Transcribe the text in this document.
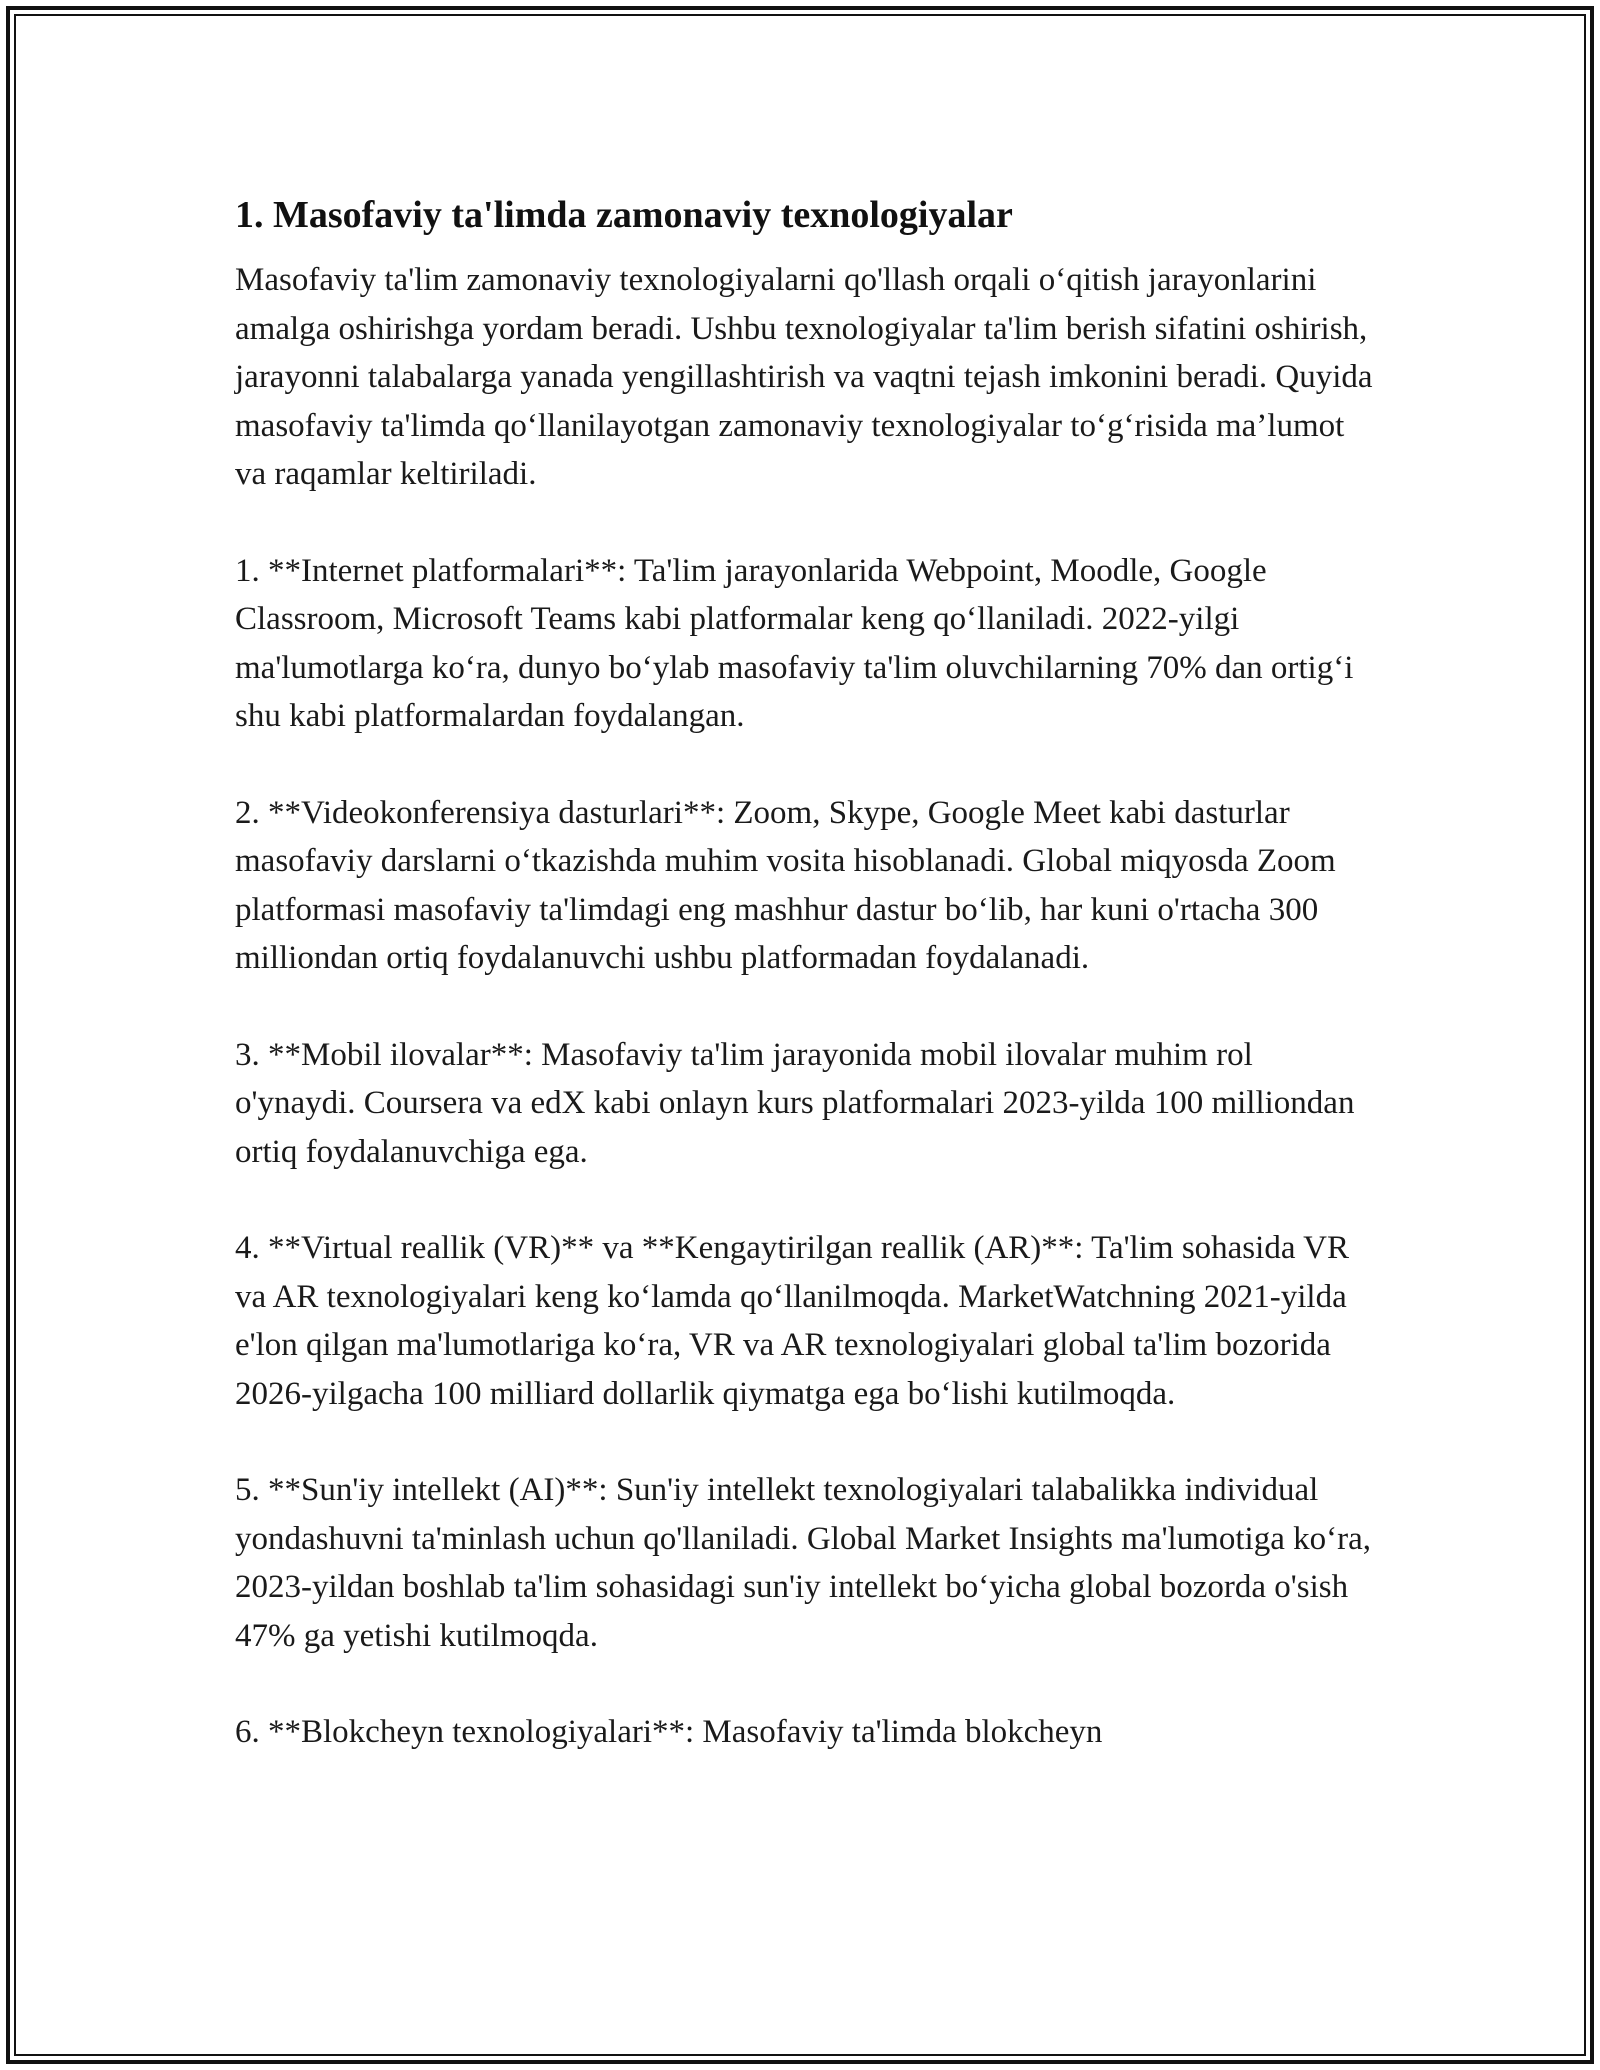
1. Masofaviy ta'limda zamonaviy texnologiyalar

Masofaviy ta'lim zamonaviy texnologiyalarni qo'llash orqali o‘qitish jarayonlarini amalga oshirishga yordam beradi. Ushbu texnologiyalar ta'lim berish sifatini oshirish, jarayonni talabalarga yanada yengillashtirish va vaqtni tejash imkonini beradi. Quyida masofaviy ta'limda qo‘llanilayotgan zamonaviy texnologiyalar to‘g‘risida ma’lumot va raqamlar keltiriladi.

1. **Internet platformalari**: Ta'lim jarayonlarida Webpoint, Moodle, Google Classroom, Microsoft Teams kabi platformalar keng qo‘llaniladi. 2022-yilgi ma'lumotlarga ko‘ra, dunyo bo‘ylab masofaviy ta'lim oluvchilarning 70% dan ortig‘i shu kabi platformalardan foydalangan.

2. **Videokonferensiya dasturlari**: Zoom, Skype, Google Meet kabi dasturlar masofaviy darslarni o‘tkazishda muhim vosita hisoblanadi. Global miqyosda Zoom platformasi masofaviy ta'limdagi eng mashhur dastur bo‘lib, har kuni o'rtacha 300 milliondan ortiq foydalanuvchi ushbu platformadan foydalanadi.

3. **Mobil ilovalar**: Masofaviy ta'lim jarayonida mobil ilovalar muhim rol o'ynaydi. Coursera va edX kabi onlayn kurs platformalari 2023-yilda 100 milliondan ortiq foydalanuvchiga ega.

4. **Virtual reallik (VR)** va **Kengaytirilgan reallik (AR)**: Ta'lim sohasida VR va AR texnologiyalari keng ko‘lamda qo‘llanilmoqda. MarketWatchning 2021-yilda e'lon qilgan ma'lumotlariga ko‘ra, VR va AR texnologiyalari global ta'lim bozorida 2026-yilgacha 100 milliard dollarlik qiymatga ega bo‘lishi kutilmoqda.

5. **Sun'iy intellekt (AI)**: Sun'iy intellekt texnologiyalari talabalikka individual yondashuvni ta'minlash uchun qo'llaniladi. Global Market Insights ma'lumotiga ko‘ra, 2023-yildan boshlab ta'lim sohasidagi sun'iy intellekt bo‘yicha global bozorda o'sish 47% ga yetishi kutilmoqda.

6. **Blokcheyn texnologiyalari**: Masofaviy ta'limda blokcheyn
